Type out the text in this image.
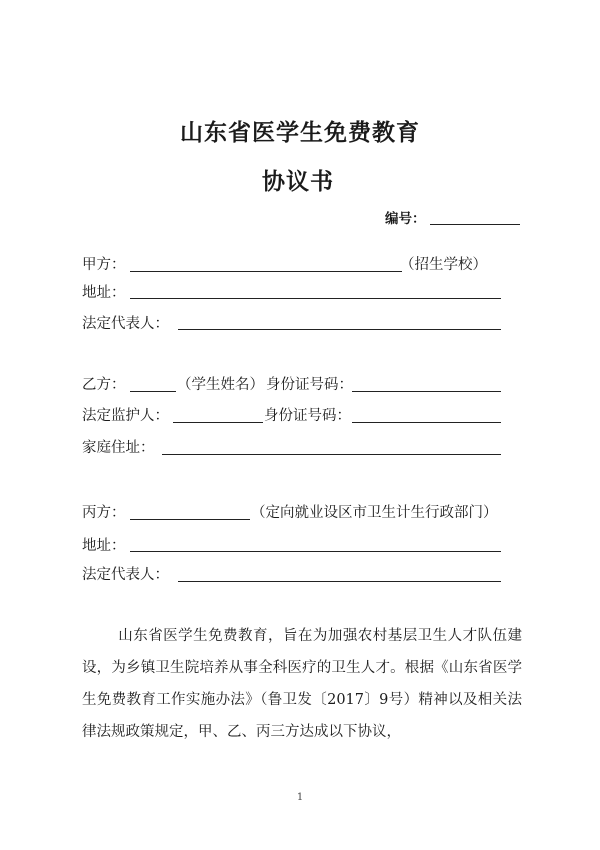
山东省医学生免费教育
协议书
编号：
甲方：	（招生学校）
地址：
法定代表人：
乙方：	（学生姓名） 身份证号码：
法定监护人：	身份证号码：
家庭住址：
丙方：	（定向就业设区市卫生计生行政部门）
地址：
法定代表人：

山东省医学生免费教育，旨在为加强农村基层卫生人才队伍建设，为乡镇卫生院培养从事全科医疗的卫生人才。根据《山东省医学生免费教育工作实施办法》（鲁卫发〔2017〕9号）精神以及相关法律法规政策规定，甲、乙、丙三方达成以下协议，

1
